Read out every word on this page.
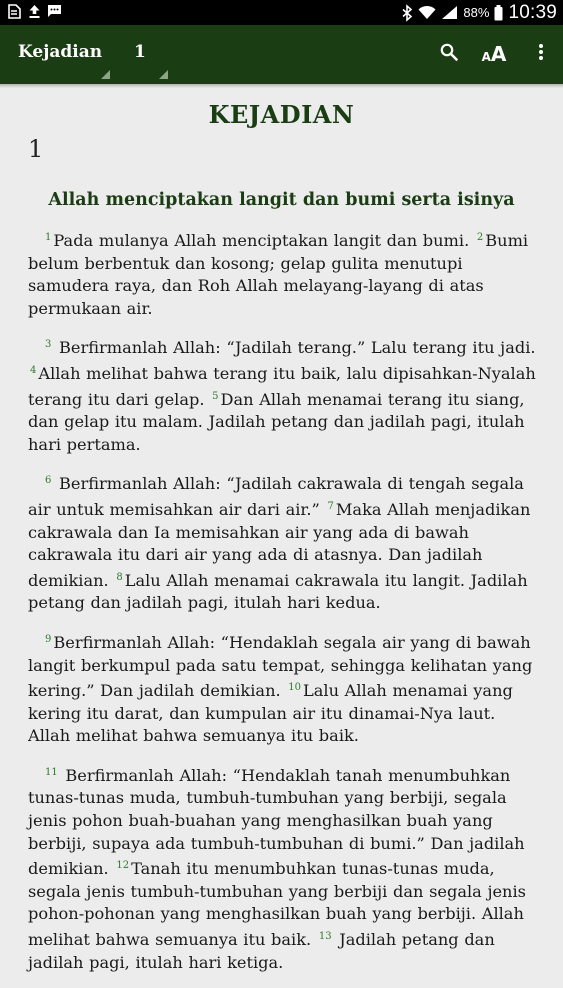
88% 10:39
Kejadian 1	AA
KEJADIAN
1
Allah menciptakan langit dan bumi serta isinya

$^1$ Pada mulanya Allah menciptakan langit dan bumi. $^2$ Bumi belum berbentuk dan kosong; gelap gulita menutupi samudera raya, dan Roh Allah melayang-layang di atas permukaan air.

$^3$ Berfirmanlah Allah: “Jadilah terang.” Lalu terang itu jadi. $^4$ Allah melihat bahwa terang itu baik, lalu dipisahkan-Nyalah terang itu dari gelap. $^5$ Dan Allah menamai terang itu siang, dan gelap itu malam. Jadilah petang dan jadilah pagi, itulah hari pertama.

$^6$ Berfirmanlah Allah: “Jadilah cakrawala di tengah segala air untuk memisahkan air dari air.” $^7$ Maka Allah menjadikan cakrawala dan Ia memisahkan air yang ada di bawah cakrawala itu dari air yang ada di atasnya. Dan jadilah demikian. $^8$ Lalu Allah menamai cakrawala itu langit. Jadilah petang dan jadilah pagi, itulah hari kedua.

$^9$ Berfirmanlah Allah: “Hendaklah segala air yang di bawah langit berkumpul pada satu tempat, sehingga kelihatan yang kering.” Dan jadilah demikian. $^{10}$ Lalu Allah menamai yang kering itu darat, dan kumpulan air itu dinamai-Nya laut. Allah melihat bahwa semuanya itu baik.

$^{11}$ Berfirmanlah Allah: “Hendaklah tanah menumbuhkan tunas-tunas muda, tumbuh-tumbuhan yang berbiji, segala jenis pohon buah-buahan yang menghasilkan buah yang berbiji, supaya ada tumbuh-tumbuhan di bumi.” Dan jadilah demikian. $^{12}$ Tanah itu menumbuhkan tunas-tunas muda, segala jenis tumbuh-tumbuhan yang berbiji dan segala jenis pohon-pohonan yang menghasilkan buah yang berbiji. Allah melihat bahwa semuanya itu baik. $^{13}$ Jadilah petang dan jadilah pagi, itulah hari ketiga.
